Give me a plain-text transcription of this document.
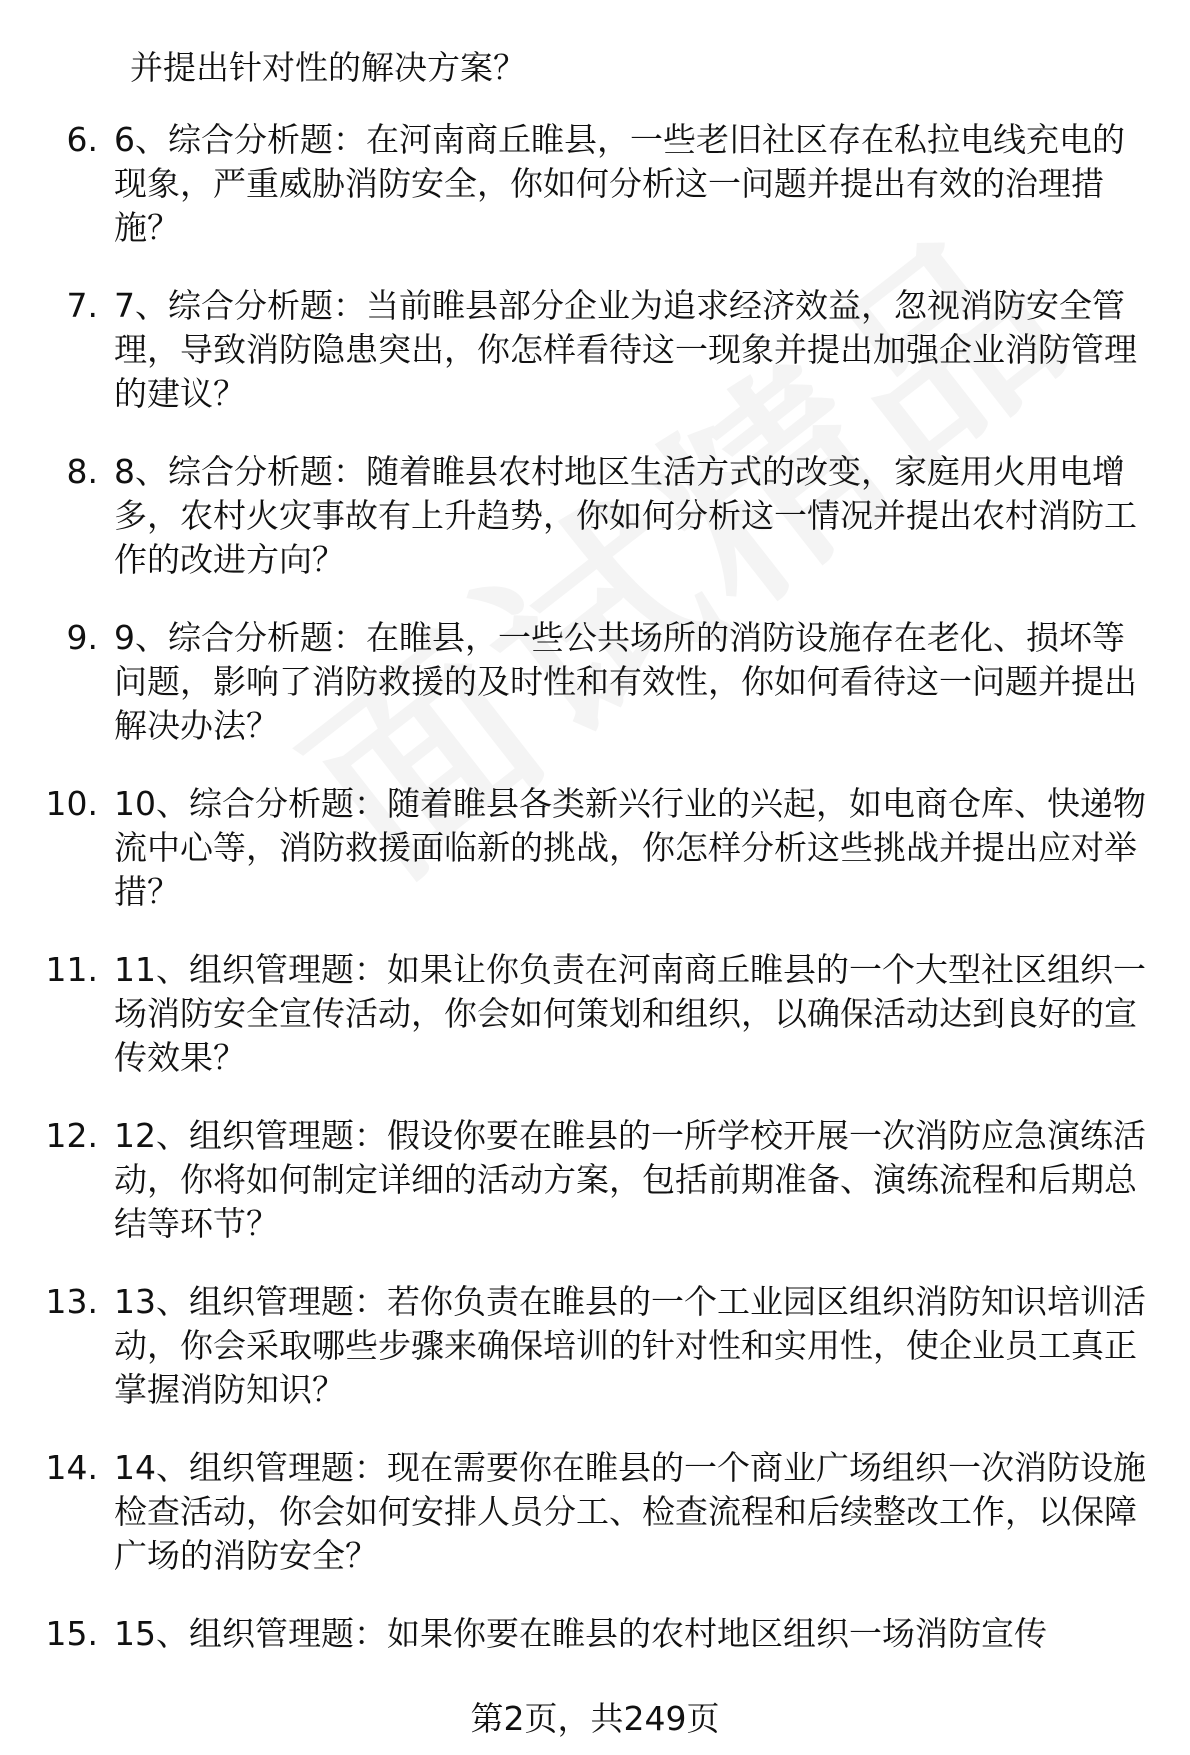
并提出针对性的解决方案？

6. 6、综合分析题：在河南商丘睢县，一些老旧社区存在私拉电线充电的现象，严重威胁消防安全，你如何分析这一问题并提出有效的治理措施？

7. 7、综合分析题：当前睢县部分企业为追求经济效益，忽视消防安全管理，导致消防隐患突出，你怎样看待这一现象并提出加强企业消防管理的建议？

8. 8、综合分析题：随着睢县农村地区生活方式的改变，家庭用火用电增多，农村火灾事故有上升趋势，你如何分析这一情况并提出农村消防工作的改进方向？

9. 9、综合分析题：在睢县，一些公共场所的消防设施存在老化、损坏等问题，影响了消防救援的及时性和有效性，你如何看待这一问题并提出解决办法？

10. 10、综合分析题：随着睢县各类新兴行业的兴起，如电商仓库、快递物流中心等，消防救援面临新的挑战，你怎样分析这些挑战并提出应对举措？

11. 11、组织管理题：如果让你负责在河南商丘睢县的一个大型社区组织一场消防安全宣传活动，你会如何策划和组织，以确保活动达到良好的宣传效果？

12. 12、组织管理题：假设你要在睢县的一所学校开展一次消防应急演练活动，你将如何制定详细的活动方案，包括前期准备、演练流程和后期总结等环节？

13. 13、组织管理题：若你负责在睢县的一个工业园区组织消防知识培训活动，你会采取哪些步骤来确保培训的针对性和实用性，使企业员工真正掌握消防知识？

14. 14、组织管理题：现在需要你在睢县的一个商业广场组织一次消防设施检查活动，你会如何安排人员分工、检查流程和后续整改工作，以保障广场的消防安全？

15. 15、组织管理题：如果你要在睢县的农村地区组织一场消防宣传

第2页，共249页
